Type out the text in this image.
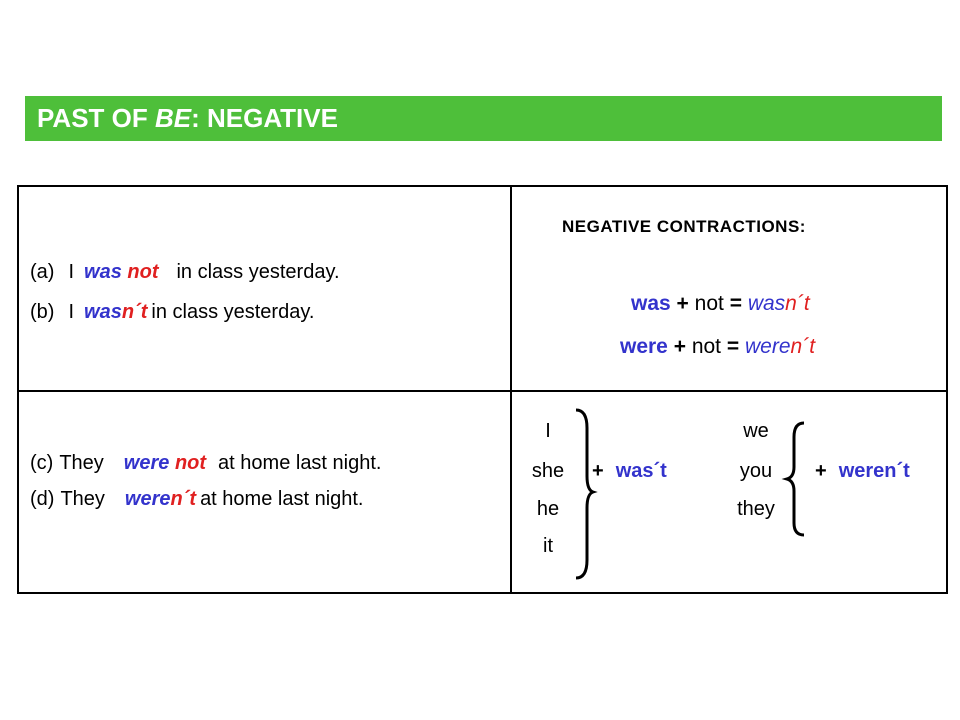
PAST OF BE: NEGATIVE
(a) I was not in class yesterday.
(b) I wasn´t in class yesterday.
NEGATIVE CONTRACTIONS:
was + not = wasn´t
were + not = weren´t
(c) They were not at home last night.
(d) They weren´t at home last night.
I
she
he
it
+ was´t
we
you
they
+ weren´t
